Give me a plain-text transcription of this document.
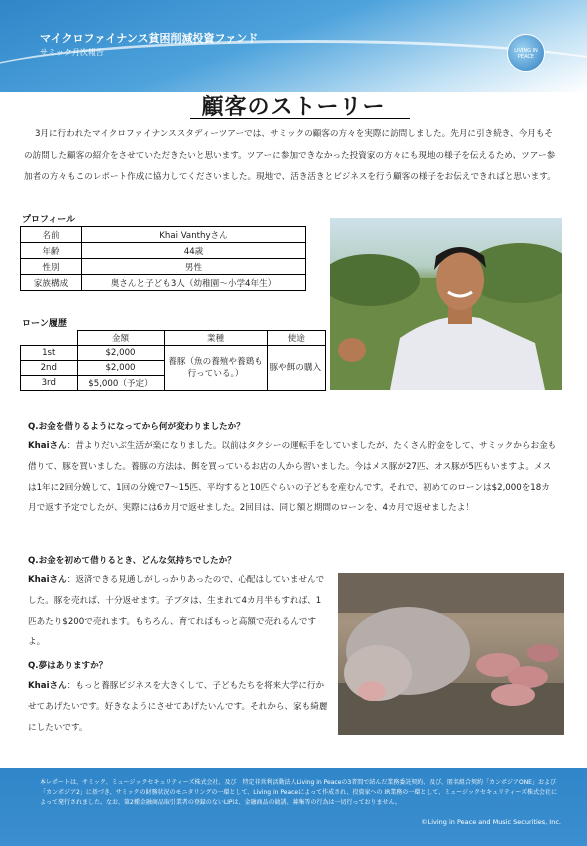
マイクロファイナンス貧困削減投資ファンド
サミック月次報告	LIVING IN PEACE
顧客のストーリー
3月に行われたマイクロファイナンススタディーツアーでは、サミックの顧客の方々を実際に訪問しました。先月に引き続き、今月もその訪問した顧客の紹介をさせていただきたいと思います。ツアーに参加できなかった投資家の方々にも現地の様子を伝えるため、ツアー参加者の方々もこのレポート作成に協力してくださいました。現地で、活き活きとビジネスを行う顧客の様子をお伝えできればと思います。
プロフィール
名前	Khai Vanthyさん
年齢	44歳
性別	男性
家族構成	奥さんと子ども3人（幼稚園～小学4年生）
ローン履歴
	金額	業種	使途
1st	$2,000	養豚（魚の養殖や養鶏も行っている。）	豚や餌の購入
2nd	$2,000		
3rd	$5,000（予定）		
Q.お金を借りるようになってから何が変わりましたか？
Khaiさん：昔よりだいぶ生活が楽になりました。以前はタクシーの運転手をしていましたが、たくさん貯金をして、サミックからお金も借りて、豚を買いました。養豚の方法は、餌を買っているお店の人から習いました。今はメス豚が27匹、オス豚が5匹もいますよ。メスは1年に2回分娩して、1回の分娩で7～15匹、平均すると10匹ぐらいの子どもを産むんです。それで、初めてのローンは$2,000を18カ月で返す予定でしたが、実際には6カ月で返せました。2回目は、同じ額と期間のローンを、4カ月で返せましたよ！
Q.お金を初めて借りるとき、どんな気持ちでしたか？
Khaiさん：返済できる見通しがしっかりあったので、心配はしていませんでした。豚を売れば、十分返せます。子ブタは、生まれて4カ月半もすれば、1匹あたり$200で売れます。もちろん、育てればもっと高額で売れるんですよ。
Q.夢はありますか？
Khaiさん：もっと養豚ビジネスを大きくして、子どもたちを将来大学に行かせてあげたいです。好きなようにさせてあげたいんです。それから、家も綺麗にしたいです。
本レポートは、サミック、ミュージックセキュリティーズ株式会社、及び　特定非営利活動法人Living in Peaceの3者間で結んだ業務委託契約、及び、匿名組合契約「カンボジアONE」および「カンボジア2」に基づき、サミックの財務状況のモニタリングの一環として、Living in Peaceによって作成され、投資家への IR業務の一環として、ミュージックセキュリティーズ株式会社によって発行されました。なお、第2種金融商品取引業者の登録のないLIPは、金融商品の勧誘、募集等の行為は一切行っておりません。
©Living in Peace and Music Securities, Inc.
